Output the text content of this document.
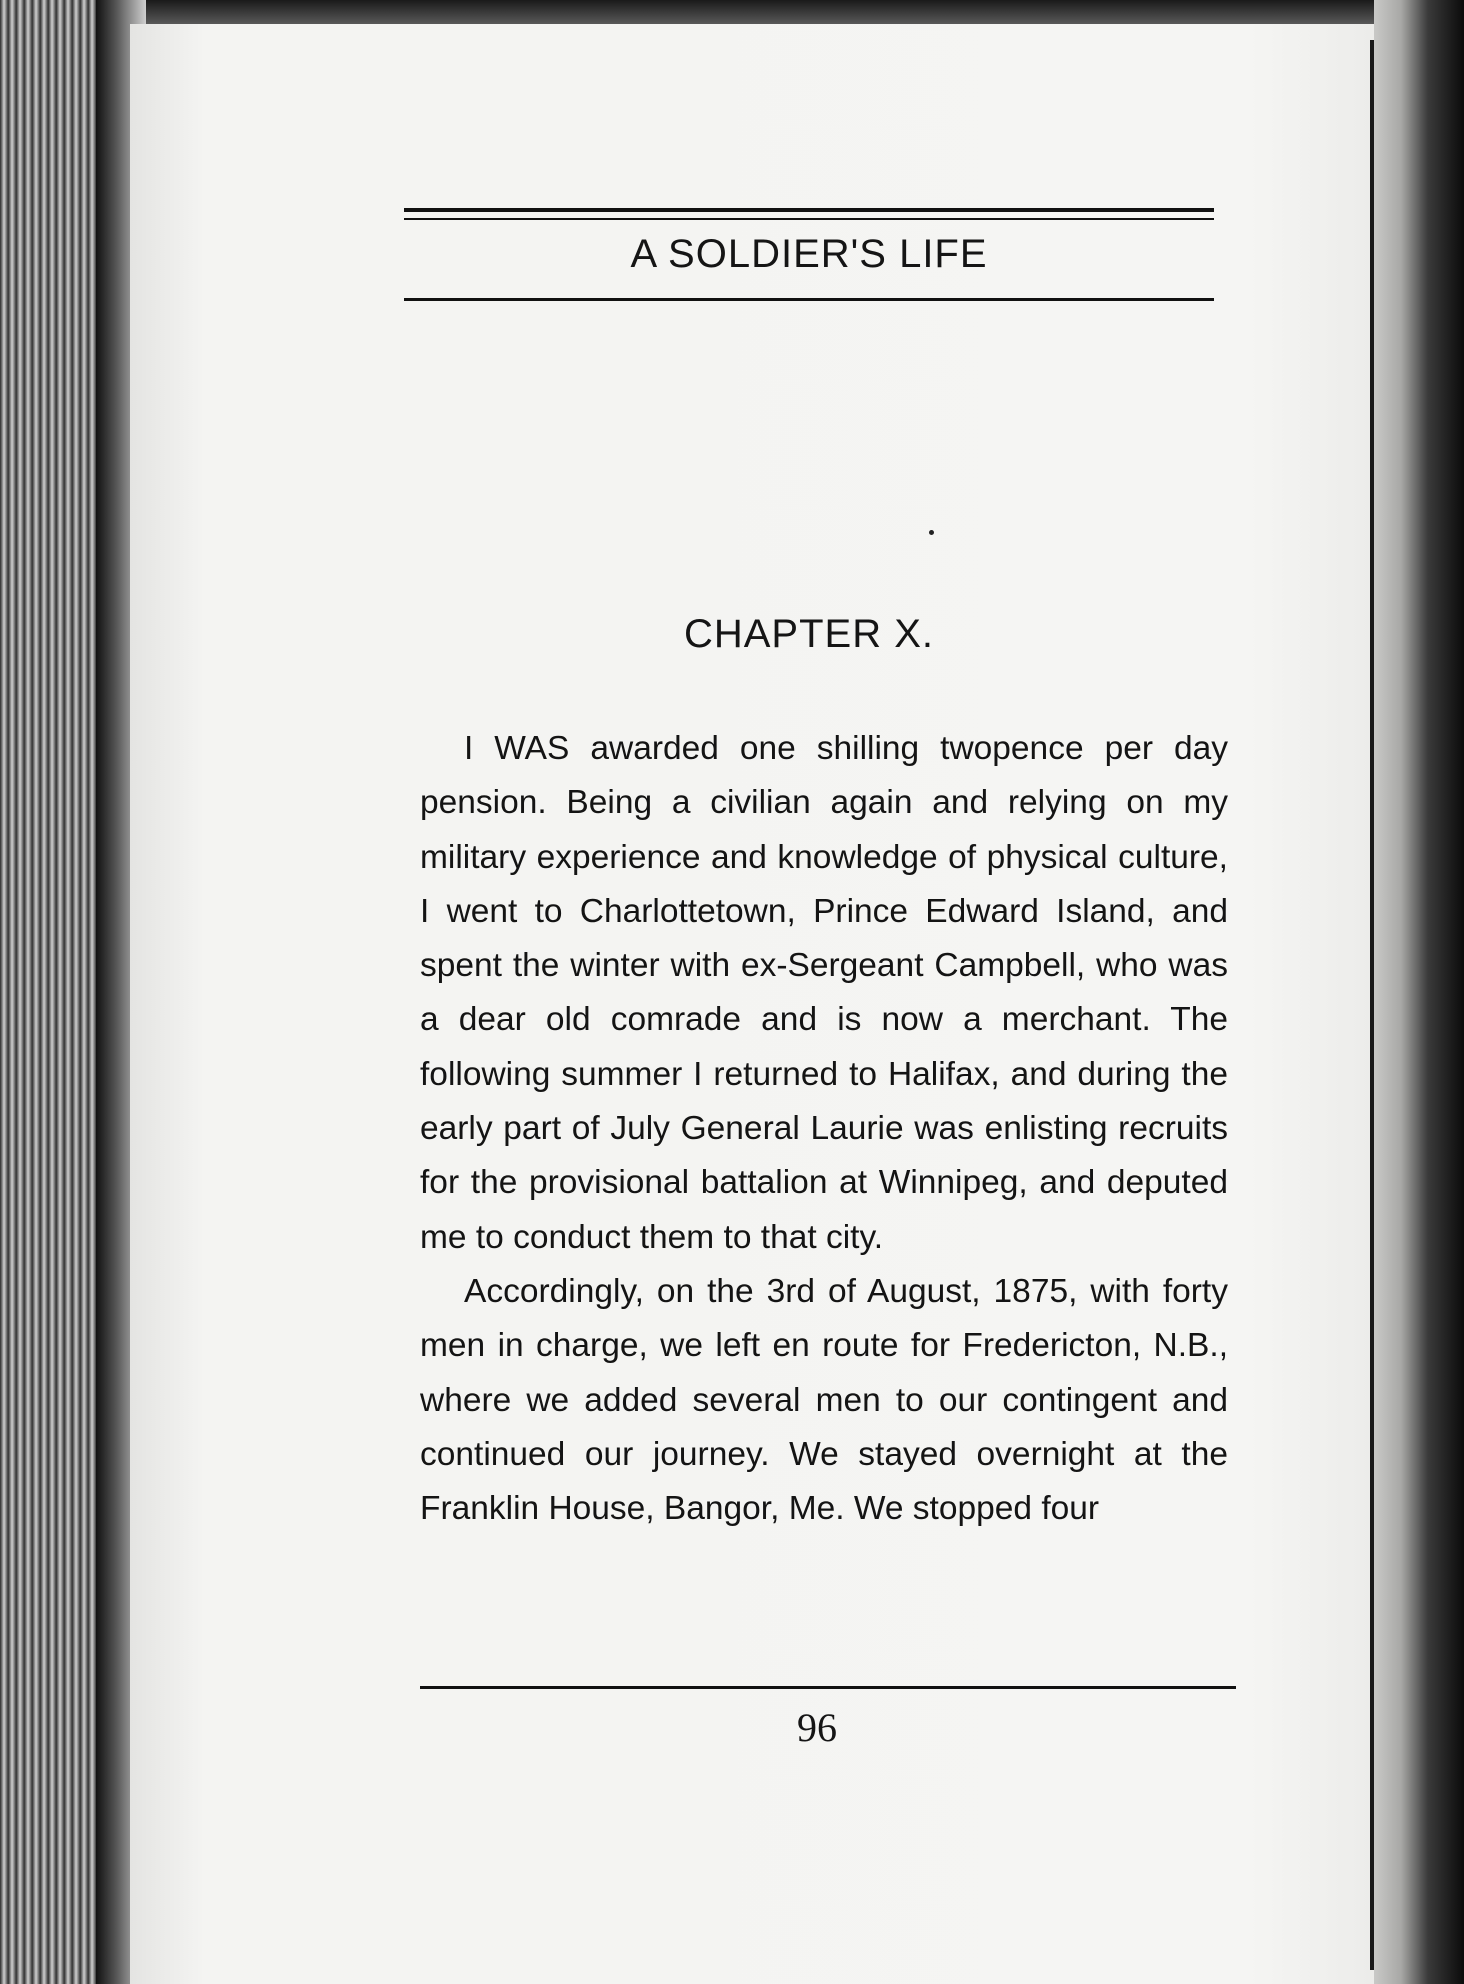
A SOLDIER'S LIFE
CHAPTER X.

I WAS awarded one shilling twopence per day pension. Being a civilian again and relying on my military experience and knowledge of physical culture, I went to Charlottetown, Prince Edward Island, and spent the winter with ex-Sergeant Campbell, who was a dear old comrade and is now a merchant. The following summer I returned to Halifax, and during the early part of July General Laurie was enlisting recruits for the provisional battalion at Winnipeg, and deputed me to conduct them to that city.

Accordingly, on the 3rd of August, 1875, with forty men in charge, we left en route for Fredericton, N.B., where we added several men to our contingent and continued our journey. We stayed overnight at the Franklin House, Bangor, Me. We stopped four

96
